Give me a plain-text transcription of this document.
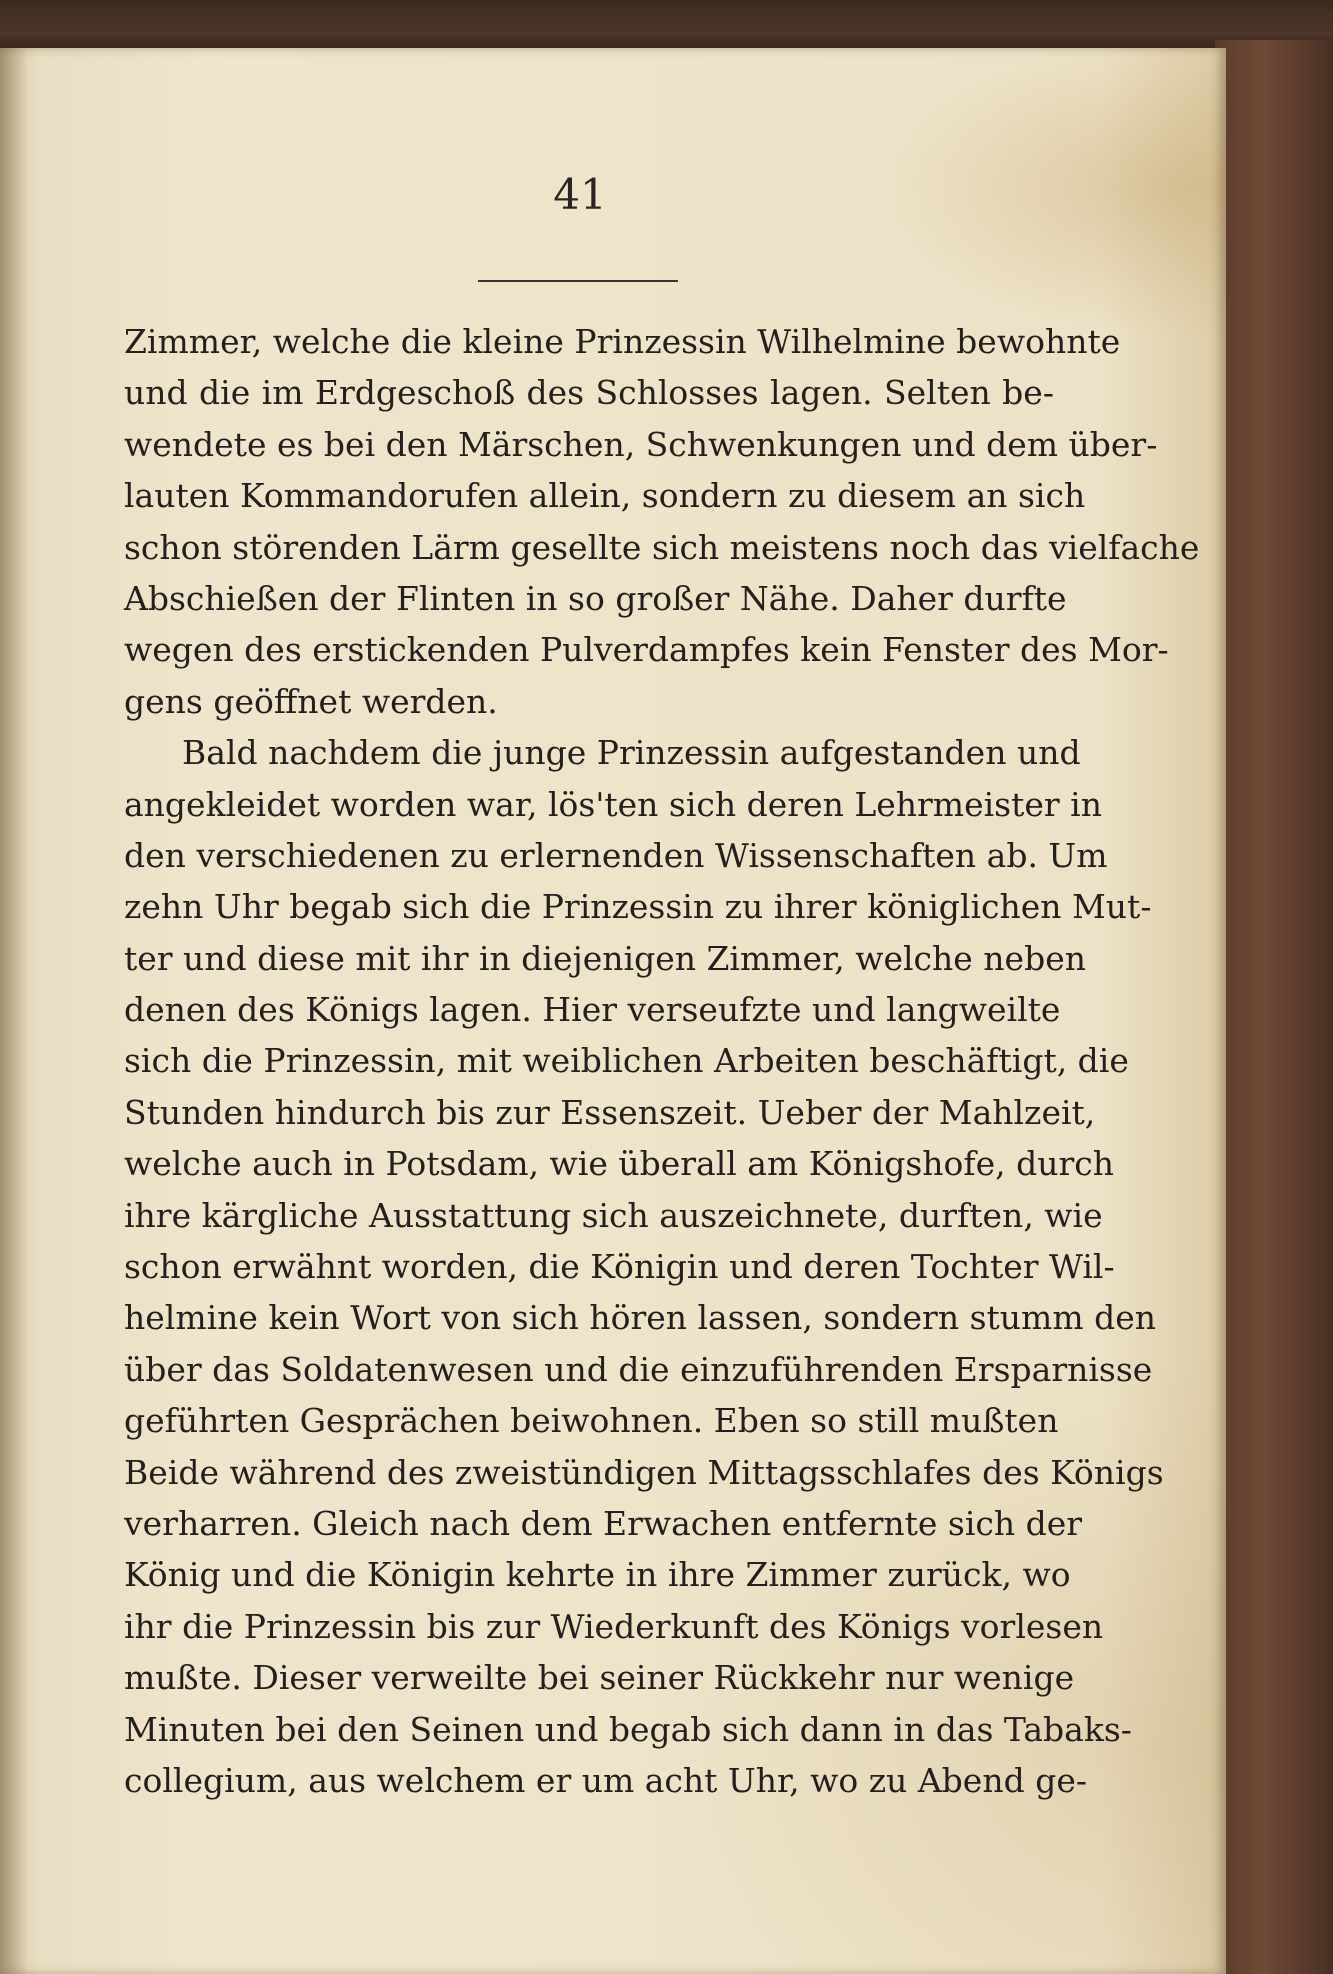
41
Zimmer, welche die kleine Prinzessin Wilhelmine bewohnte
und die im Erdgeschoß des Schlosses lagen. Selten be-
wendete es bei den Märschen, Schwenkungen und dem über-
lauten Kommandorufen allein, sondern zu diesem an sich
schon störenden Lärm gesellte sich meistens noch das vielfache
Abschießen der Flinten in so großer Nähe. Daher durfte
wegen des erstickenden Pulverdampfes kein Fenster des Mor-
gens geöffnet werden.
Bald nachdem die junge Prinzessin aufgestanden und
angekleidet worden war, lös'ten sich deren Lehrmeister in
den verschiedenen zu erlernenden Wissenschaften ab. Um
zehn Uhr begab sich die Prinzessin zu ihrer königlichen Mut-
ter und diese mit ihr in diejenigen Zimmer, welche neben
denen des Königs lagen. Hier verseufzte und langweilte
sich die Prinzessin, mit weiblichen Arbeiten beschäftigt, die
Stunden hindurch bis zur Essenszeit. Ueber der Mahlzeit,
welche auch in Potsdam, wie überall am Königshofe, durch
ihre kärgliche Ausstattung sich auszeichnete, durften, wie
schon erwähnt worden, die Königin und deren Tochter Wil-
helmine kein Wort von sich hören lassen, sondern stumm den
über das Soldatenwesen und die einzuführenden Ersparnisse
geführten Gesprächen beiwohnen. Eben so still mußten
Beide während des zweistündigen Mittagsschlafes des Königs
verharren. Gleich nach dem Erwachen entfernte sich der
König und die Königin kehrte in ihre Zimmer zurück, wo
ihr die Prinzessin bis zur Wiederkunft des Königs vorlesen
mußte. Dieser verweilte bei seiner Rückkehr nur wenige
Minuten bei den Seinen und begab sich dann in das Tabaks-
collegium, aus welchem er um acht Uhr, wo zu Abend ge-
